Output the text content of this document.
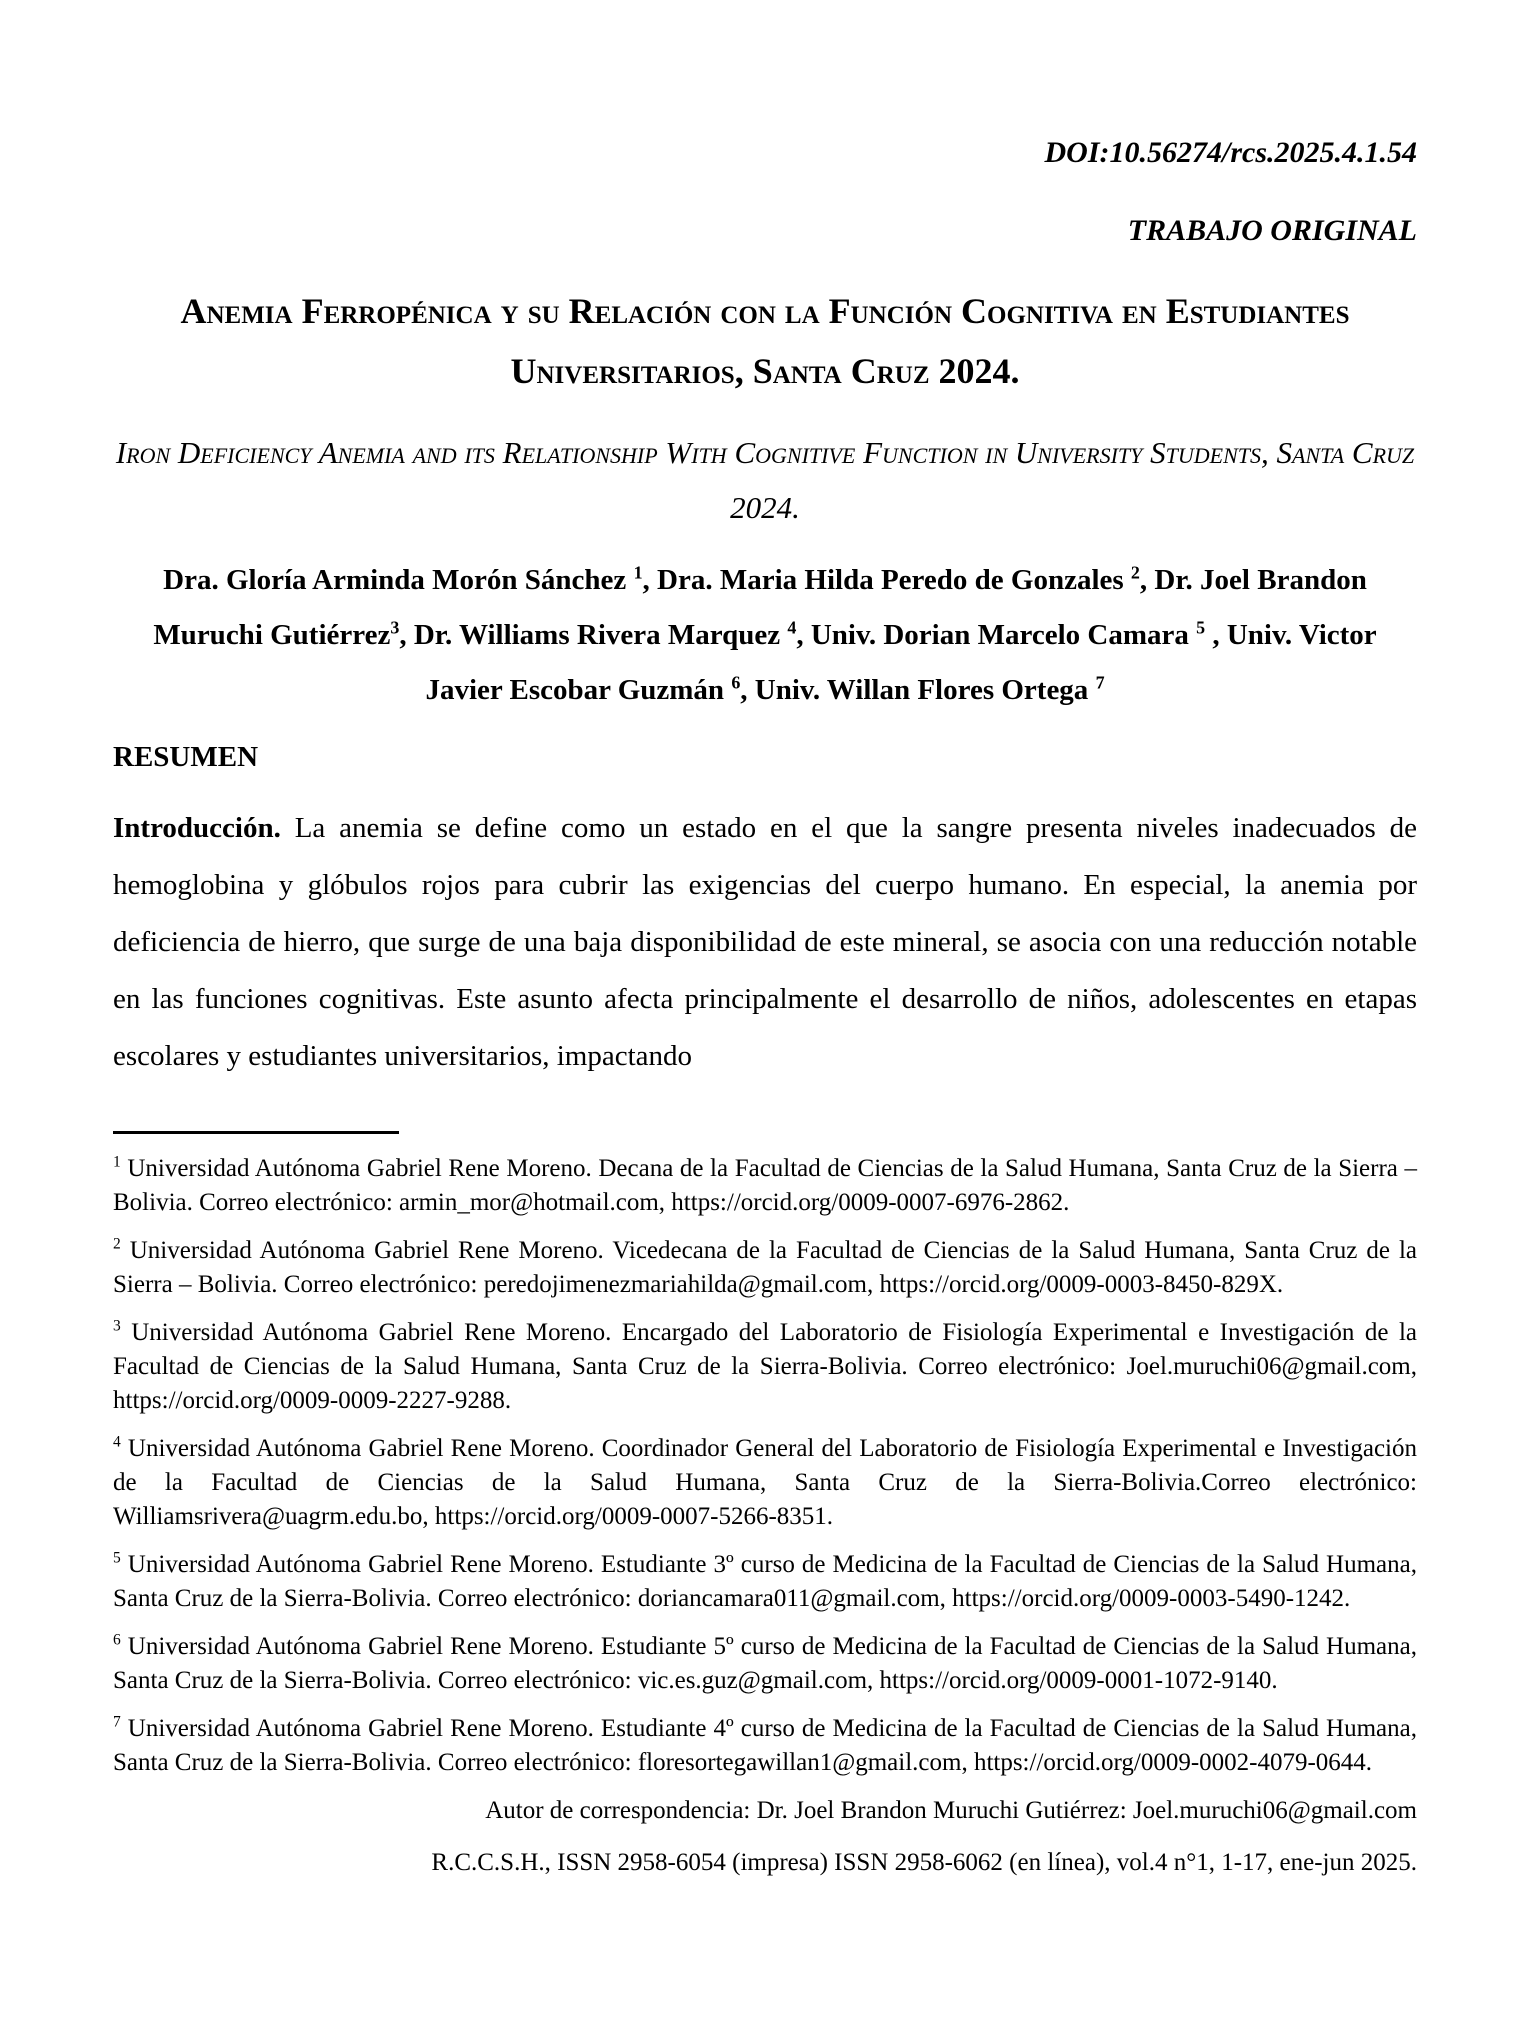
DOI:10.56274/rcs.2025.4.1.54
TRABAJO ORIGINAL
Anemia Ferropénica y su Relación con la Función Cognitiva en Estudiantes Universitarios, Santa Cruz 2024.
Iron Deficiency Anemia and its Relationship With Cognitive Function in University Students, Santa Cruz 2024.
Dra. Gloría Arminda Morón Sánchez $^1$, Dra. Maria Hilda Peredo de Gonzales $^2$, Dr. Joel Brandon Muruchi Gutiérrez$^3$, Dr. Williams Rivera Marquez $^4$, Univ. Dorian Marcelo Camara $^5$ , Univ. Victor Javier Escobar Guzmán $^6$, Univ. Willan Flores Ortega $^7$
RESUMEN
Introducción. La anemia se define como un estado en el que la sangre presenta niveles inadecuados de hemoglobina y glóbulos rojos para cubrir las exigencias del cuerpo humano. En especial, la anemia por deficiencia de hierro, que surge de una baja disponibilidad de este mineral, se asocia con una reducción notable en las funciones cognitivas. Este asunto afecta principalmente el desarrollo de niños, adolescentes en etapas escolares y estudiantes universitarios, impactando
$^1$ Universidad Autónoma Gabriel Rene Moreno. Decana de la Facultad de Ciencias de la Salud Humana, Santa Cruz de la Sierra – Bolivia. Correo electrónico: armin_mor@hotmail.com, https://orcid.org/0009-0007-6976-2862.
$^2$ Universidad Autónoma Gabriel Rene Moreno. Vicedecana de la Facultad de Ciencias de la Salud Humana, Santa Cruz de la Sierra – Bolivia. Correo electrónico: peredojimenezmariahilda@gmail.com, https://orcid.org/0009-0003-8450-829X.
$^3$ Universidad Autónoma Gabriel Rene Moreno. Encargado del Laboratorio de Fisiología Experimental e Investigación de la Facultad de Ciencias de la Salud Humana, Santa Cruz de la Sierra-Bolivia. Correo electrónico: Joel.muruchi06@gmail.com, https://orcid.org/0009-0009-2227-9288.
$^4$ Universidad Autónoma Gabriel Rene Moreno. Coordinador General del Laboratorio de Fisiología Experimental e Investigación de la Facultad de Ciencias de la Salud Humana, Santa Cruz de la Sierra-Bolivia.Correo electrónico: Williamsrivera@uagrm.edu.bo, https://orcid.org/0009-0007-5266-8351.
$^5$ Universidad Autónoma Gabriel Rene Moreno. Estudiante 3º curso de Medicina de la Facultad de Ciencias de la Salud Humana, Santa Cruz de la Sierra-Bolivia. Correo electrónico: doriancamara011@gmail.com, https://orcid.org/0009-0003-5490-1242.
$^6$ Universidad Autónoma Gabriel Rene Moreno. Estudiante 5º curso de Medicina de la Facultad de Ciencias de la Salud Humana, Santa Cruz de la Sierra-Bolivia. Correo electrónico: vic.es.guz@gmail.com, https://orcid.org/0009-0001-1072-9140.
$^7$ Universidad Autónoma Gabriel Rene Moreno. Estudiante 4º curso de Medicina de la Facultad de Ciencias de la Salud Humana, Santa Cruz de la Sierra-Bolivia. Correo electrónico: floresortegawillan1@gmail.com, https://orcid.org/0009-0002-4079-0644.
Autor de correspondencia: Dr. Joel Brandon Muruchi Gutiérrez: Joel.muruchi06@gmail.com
R.C.C.S.H., ISSN 2958-6054 (impresa) ISSN 2958-6062 (en línea), vol.4 n°1, 1-17, ene-jun 2025.
